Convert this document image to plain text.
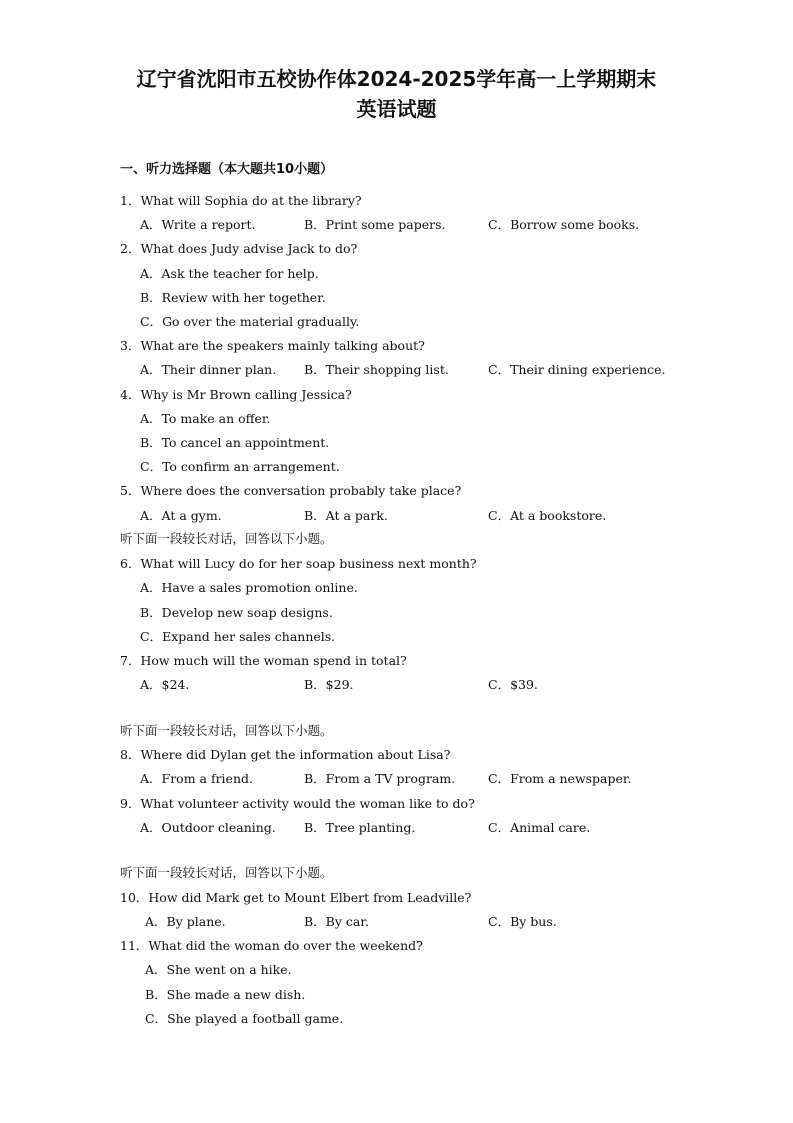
辽宁省沈阳市五校协作体2024-2025学年高一上学期期末
英语试题
一、听力选择题（本大题共10小题）
1．What will Sophia do at the library?
A．Write a report.	B．Print some papers.	C．Borrow some books.
2．What does Judy advise Jack to do?
A．Ask the teacher for help.
B．Review with her together.
C．Go over the material gradually.
3．What are the speakers mainly talking about?
A．Their dinner plan. B．Their shopping list.	C．Their dining experience.
4．Why is Mr Brown calling Jessica?
A．To make an offer.
B．To cancel an appointment.
C．To confirm an arrangement.
5．Where does the conversation probably take place?
A．At a gym.	B．At a park.	C．At a bookstore.
听下面一段较长对话，回答以下小题。
6．What will Lucy do for her soap business next month?
A．Have a sales promotion online.
B．Develop new soap designs.
C．Expand her sales channels.
7．How much will the woman spend in total?
A．$24.	B．$29.	C．$39.
听下面一段较长对话，回答以下小题。
8．Where did Dylan get the information about Lisa?
A．From a friend.	B．From a TV program.	C．From a newspaper.
9．What volunteer activity would the woman like to do?
A．Outdoor cleaning. B．Tree planting.	C．Animal care.
听下面一段较长对话，回答以下小题。
10．How did Mark get to Mount Elbert from Leadville?
A．By plane.	B．By car.	C．By bus.
11．What did the woman do over the weekend?
A．She went on a hike.
B．She made a new dish.
C．She played a football game.
